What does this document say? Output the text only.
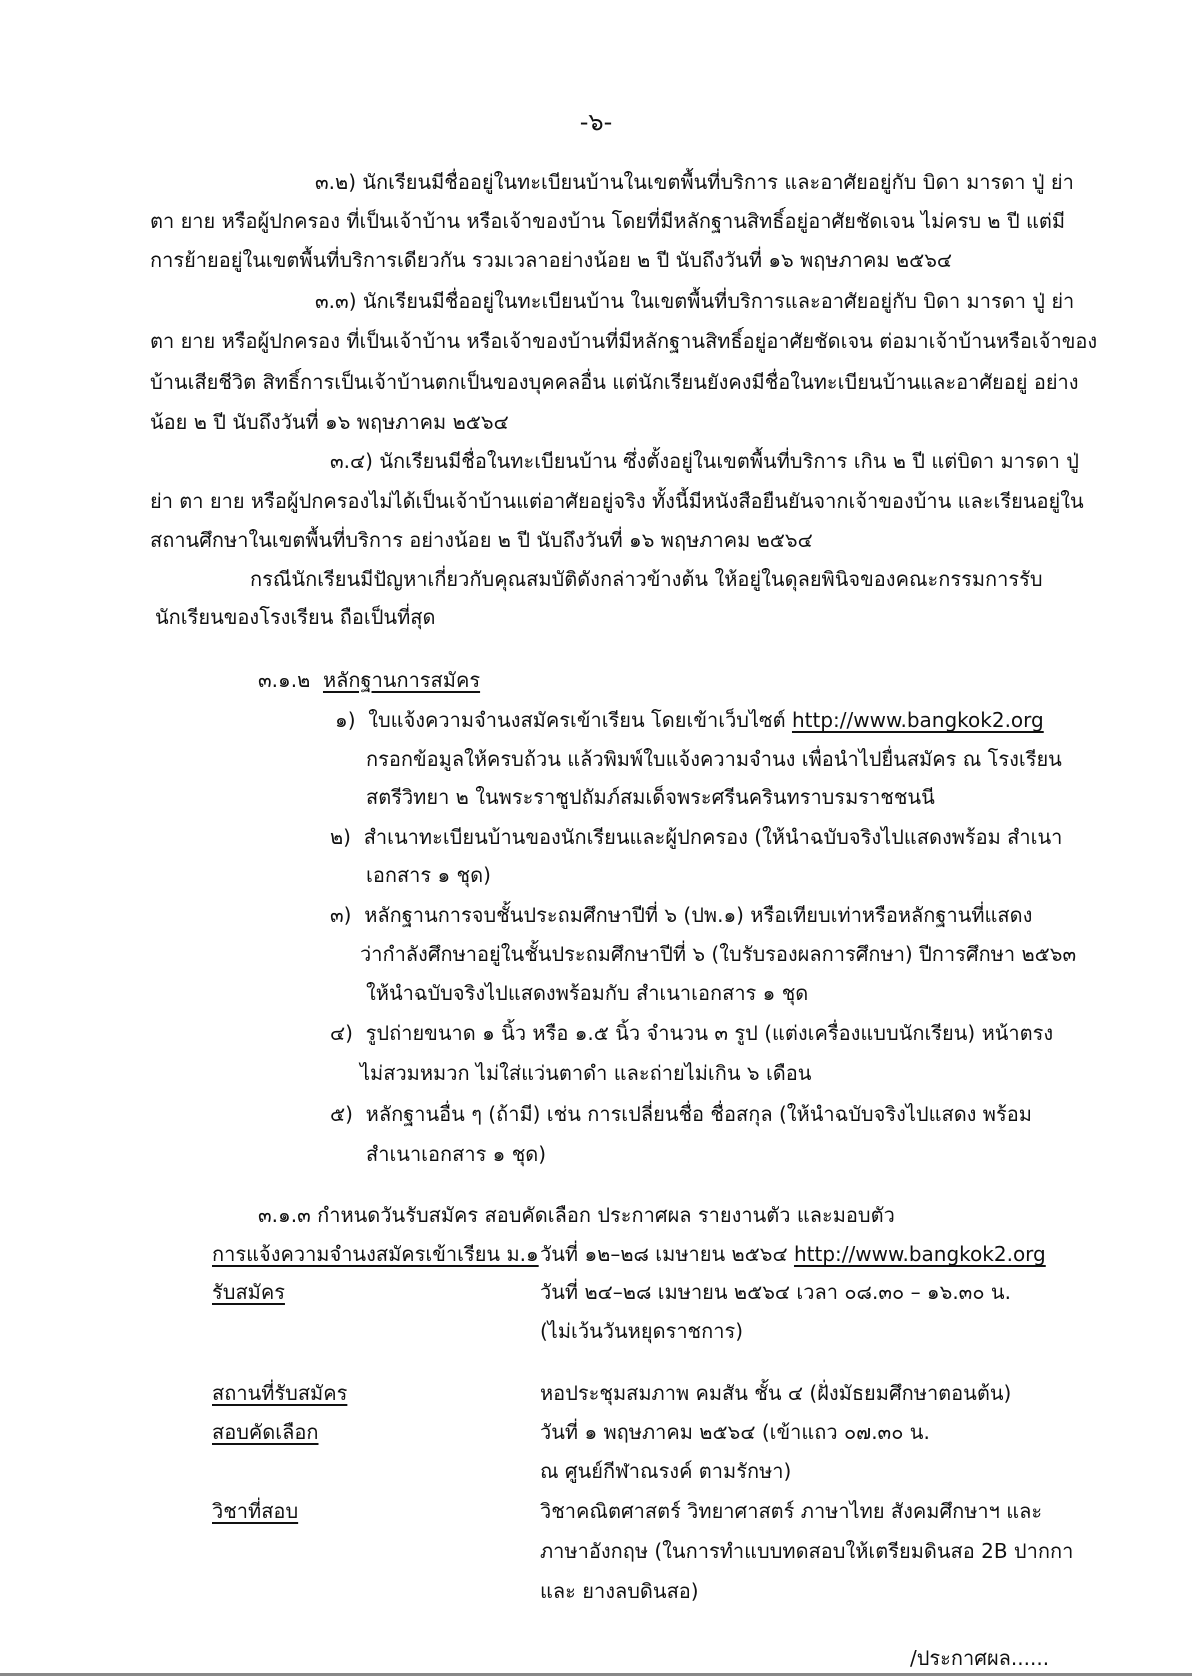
-๖-
๓.๒) นักเรียนมีชื่ออยู่ในทะเบียนบ้านในเขตพื้นที่บริการ และอาศัยอยู่กับ บิดา มารดา ปู่ ย่า
ตา ยาย หรือผู้ปกครอง ที่เป็นเจ้าบ้าน หรือเจ้าของบ้าน โดยที่มีหลักฐานสิทธิ์อยู่อาศัยชัดเจน ไม่ครบ ๒ ปี แต่มี
การย้ายอยู่ในเขตพื้นที่บริการเดียวกัน รวมเวลาอย่างน้อย ๒ ปี นับถึงวันที่ ๑๖ พฤษภาคม ๒๕๖๔
๓.๓) นักเรียนมีชื่ออยู่ในทะเบียนบ้าน ในเขตพื้นที่บริการและอาศัยอยู่กับ บิดา มารดา ปู่ ย่า
ตา ยาย หรือผู้ปกครอง ที่เป็นเจ้าบ้าน หรือเจ้าของบ้านที่มีหลักฐานสิทธิ์อยู่อาศัยชัดเจน ต่อมาเจ้าบ้านหรือเจ้าของ
บ้านเสียชีวิต สิทธิ์การเป็นเจ้าบ้านตกเป็นของบุคคลอื่น แต่นักเรียนยังคงมีชื่อในทะเบียนบ้านและอาศัยอยู่ อย่าง
น้อย ๒ ปี นับถึงวันที่ ๑๖ พฤษภาคม ๒๕๖๔
๓.๔) นักเรียนมีชื่อในทะเบียนบ้าน ซึ่งตั้งอยู่ในเขตพื้นที่บริการ เกิน ๒ ปี แต่บิดา มารดา ปู่
ย่า ตา ยาย หรือผู้ปกครองไม่ได้เป็นเจ้าบ้านแต่อาศัยอยู่จริง ทั้งนี้มีหนังสือยืนยันจากเจ้าของบ้าน และเรียนอยู่ใน
สถานศึกษาในเขตพื้นที่บริการ อย่างน้อย ๒ ปี นับถึงวันที่ ๑๖ พฤษภาคม ๒๕๖๔
กรณีนักเรียนมีปัญหาเกี่ยวกับคุณสมบัติดังกล่าวข้างต้น ให้อยู่ในดุลยพินิจของคณะกรรมการรับ
นักเรียนของโรงเรียน ถือเป็นที่สุด
๓.๑.๒ หลักฐานการสมัคร
๑) ใบแจ้งความจำนงสมัครเข้าเรียน โดยเข้าเว็บไซต์ http://www.bangkok2.org
กรอกข้อมูลให้ครบถ้วน แล้วพิมพ์ใบแจ้งความจำนง เพื่อนำไปยื่นสมัคร ณ โรงเรียน
สตรีวิทยา ๒ ในพระราชูปถัมภ์สมเด็จพระศรีนครินทราบรมราชชนนี
๒) สำเนาทะเบียนบ้านของนักเรียนและผู้ปกครอง (ให้นำฉบับจริงไปแสดงพร้อม สำเนา
เอกสาร ๑ ชุด)
๓) หลักฐานการจบชั้นประถมศึกษาปีที่ ๖ (ปพ.๑) หรือเทียบเท่าหรือหลักฐานที่แสดง
ว่ากำลังศึกษาอยู่ในชั้นประถมศึกษาปีที่ ๖ (ใบรับรองผลการศึกษา) ปีการศึกษา ๒๕๖๓
ให้นำฉบับจริงไปแสดงพร้อมกับ สำเนาเอกสาร ๑ ชุด
๔) รูปถ่ายขนาด ๑ นิ้ว หรือ ๑.๕ นิ้ว จำนวน ๓ รูป (แต่งเครื่องแบบนักเรียน) หน้าตรง
ไม่สวมหมวก ไม่ใส่แว่นตาดำ และถ่ายไม่เกิน ๖ เดือน
๕) หลักฐานอื่น ๆ (ถ้ามี) เช่น การเปลี่ยนชื่อ ชื่อสกุล (ให้นำฉบับจริงไปแสดง พร้อม
สำเนาเอกสาร ๑ ชุด)
๓.๑.๓ กำหนดวันรับสมัคร สอบคัดเลือก ประกาศผล รายงานตัว และมอบตัว
การแจ้งความจำนงสมัครเข้าเรียน ม.๑ วันที่ ๑๒–๒๘ เมษายน ๒๕๖๔ http://www.bangkok2.org
รับสมัคร	วันที่ ๒๔–๒๘ เมษายน ๒๕๖๔ เวลา ๐๘.๓๐ – ๑๖.๓๐ น.
(ไม่เว้นวันหยุดราชการ)
สถานที่รับสมัคร	หอประชุมสมภาพ คมสัน ชั้น ๔ (ฝั่งมัธยมศึกษาตอนต้น)
สอบคัดเลือก	วันที่ ๑ พฤษภาคม ๒๕๖๔ (เข้าแถว ๐๗.๓๐ น.
ณ ศูนย์กีฬาณรงค์ ตามรักษา)
วิชาที่สอบ	วิชาคณิตศาสตร์ วิทยาศาสตร์ ภาษาไทย สังคมศึกษาฯ และ
ภาษาอังกฤษ (ในการทำแบบทดสอบให้เตรียมดินสอ 2B ปากกา
และ ยางลบดินสอ)
/ประกาศผล......
